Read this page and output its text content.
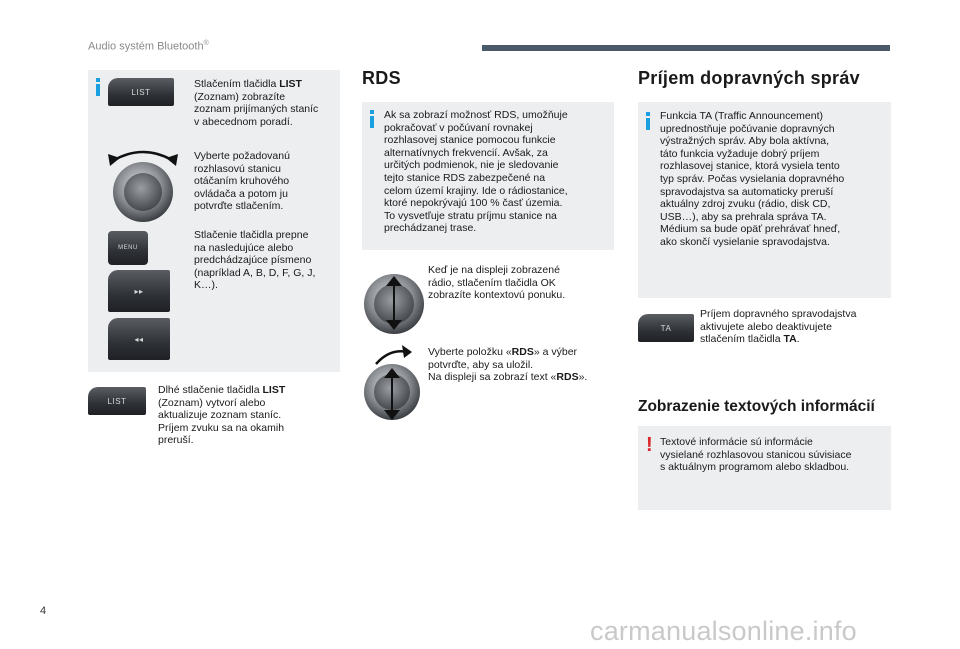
Audio systém Bluetooth®
LIST
Stlačením tlačidla LIST
(Zoznam) zobrazíte
zoznam prijímaných staníc
v abecednom poradí.
Vyberte požadovanú
rozhlasovú stanicu
otáčaním kruhového
ovládača a potom ju
potvrďte stlačením.
MENU
▸▸
◂◂
Stlačenie tlačidla prepne
na nasledujúce alebo
predchádzajúce písmeno
(napríklad A, B, D, F, G, J,
K…).
LIST
Dlhé stlačenie tlačidla LIST
(Zoznam) vytvorí alebo
aktualizuje zoznam staníc.
Príjem zvuku sa na okamih
preruší.
RDS
Ak sa zobrazí možnosť RDS, umožňuje
pokračovať v počúvaní rovnakej
rozhlasovej stanice pomocou funkcie
alternatívnych frekvencií. Avšak, za
určitých podmienok, nie je sledovanie
tejto stanice RDS zabezpečené na
celom území krajiny. Ide o rádiostanice,
ktoré nepokrývajú 100 % časť územia.
To vysvetľuje stratu príjmu stanice na
prechádzanej trase.
Keď je na displeji zobrazené
rádio, stlačením tlačidla OK
zobrazíte kontextovú ponuku.
Vyberte položku «RDS» a výber
potvrďte, aby sa uložil.
Na displeji sa zobrazí text «RDS».
Príjem dopravných správ
Funkcia TA (Traffic Announcement)
uprednostňuje počúvanie dopravných
výstražných správ. Aby bola aktívna,
táto funkcia vyžaduje dobrý príjem
rozhlasovej stanice, ktorá vysiela tento
typ správ. Počas vysielania dopravného
spravodajstva sa automaticky preruší
aktuálny zdroj zvuku (rádio, disk CD,
USB…), aby sa prehrala správa TA.
Médium sa bude opäť prehrávať hneď,
ako skončí vysielanie spravodajstva.
TA
Príjem dopravného spravodajstva
aktivujete alebo deaktivujete
stlačením tlačidla TA.
Zobrazenie textových informácií
! Textové informácie sú informácie
vysielané rozhlasovou stanicou súvisiace
s aktuálnym programom alebo skladbou.
4
carmanualsonline.info
